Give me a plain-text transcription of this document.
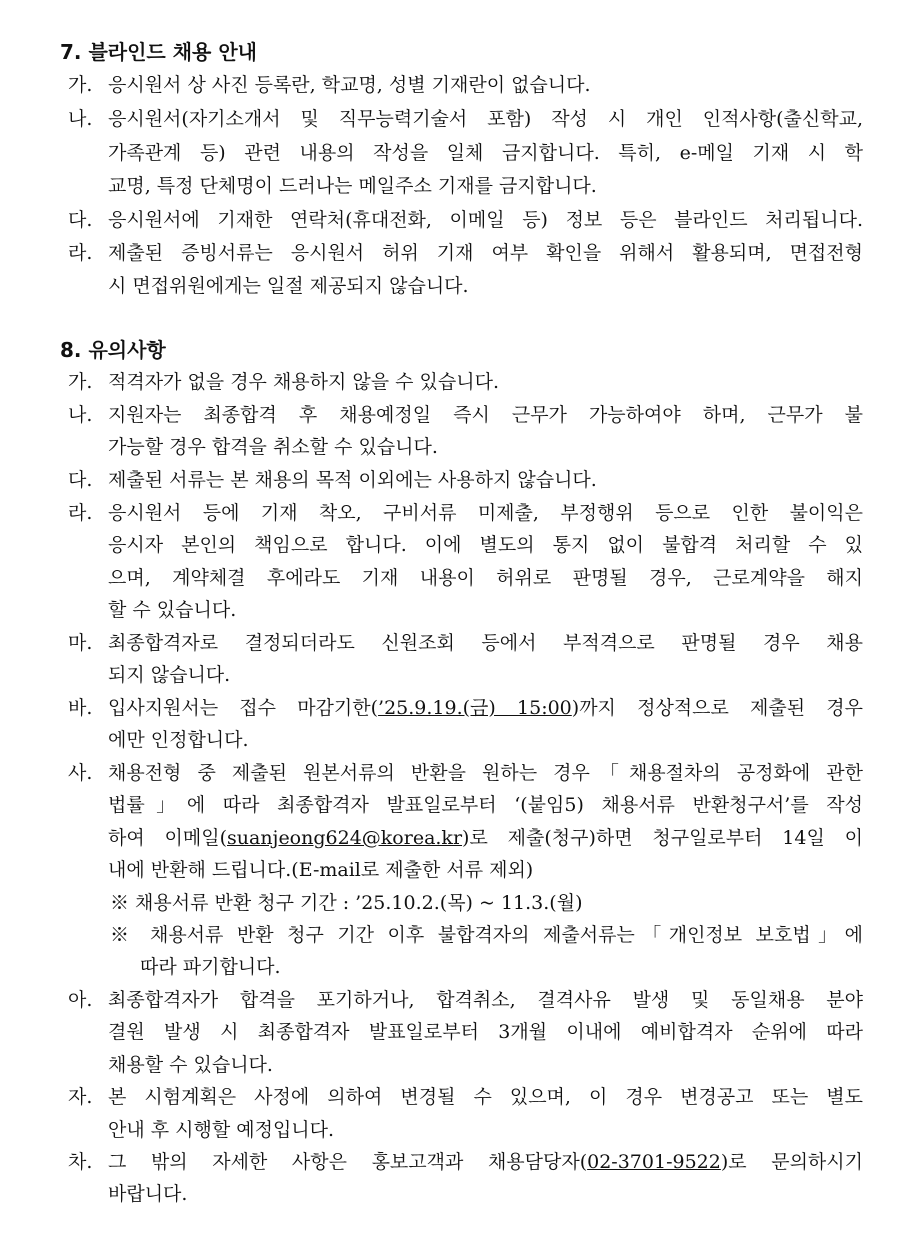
7. 블라인드 채용 안내
가. 응시원서 상 사진 등록란, 학교명, 성별 기재란이 없습니다.
나. 응시원서(자기소개서 및 직무능력기술서 포함) 작성 시 개인 인적사항(출신학교,
가족관계 등) 관련 내용의 작성을 일체 금지합니다. 특히, e-메일 기재 시 학
교명, 특정 단체명이 드러나는 메일주소 기재를 금지합니다.
다. 응시원서에 기재한 연락처(휴대전화, 이메일 등) 정보 등은 블라인드 처리됩니다.
라. 제출된 증빙서류는 응시원서 허위 기재 여부 확인을 위해서 활용되며, 면접전형
시 면접위원에게는 일절 제공되지 않습니다.
8. 유의사항
가. 적격자가 없을 경우 채용하지 않을 수 있습니다.
나. 지원자는 최종합격 후 채용예정일 즉시 근무가 가능하여야 하며, 근무가 불
가능할 경우 합격을 취소할 수 있습니다.
다. 제출된 서류는 본 채용의 목적 이외에는 사용하지 않습니다.
라. 응시원서 등에 기재 착오, 구비서류 미제출, 부정행위 등으로 인한 불이익은
응시자 본인의 책임으로 합니다. 이에 별도의 통지 없이 불합격 처리할 수 있
으며, 계약체결 후에라도 기재 내용이 허위로 판명될 경우, 근로계약을 해지
할 수 있습니다.
마. 최종합격자로 결정되더라도 신원조회 등에서 부적격으로 판명될 경우 채용
되지 않습니다.
바. 입사지원서는 접수 마감기한(’25.9.19.(금) 15:00)까지 정상적으로 제출된 경우
에만 인정합니다.
사. 채용전형 중 제출된 원본서류의 반환을 원하는 경우「채용절차의 공정화에 관한
법률」에 따라 최종합격자 발표일로부터 ‘(붙임5) 채용서류 반환청구서’를 작성
하여 이메일(suanjeong624@korea.kr)로 제출(청구)하면 청구일로부터 14일 이
내에 반환해 드립니다.(E-mail로 제출한 서류 제외)
※ 채용서류 반환 청구 기간 : ’25.10.2.(목) ~ 11.3.(월)
※ 채용서류 반환 청구 기간 이후 불합격자의 제출서류는「개인정보 보호법」에
따라 파기합니다.
아. 최종합격자가 합격을 포기하거나, 합격취소, 결격사유 발생 및 동일채용 분야
결원 발생 시 최종합격자 발표일로부터 3개월 이내에 예비합격자 순위에 따라
채용할 수 있습니다.
자. 본 시험계획은 사정에 의하여 변경될 수 있으며, 이 경우 변경공고 또는 별도
안내 후 시행할 예정입니다.
차. 그 밖의 자세한 사항은 홍보고객과 채용담당자(02-3701-9522)로 문의하시기
바랍니다.
